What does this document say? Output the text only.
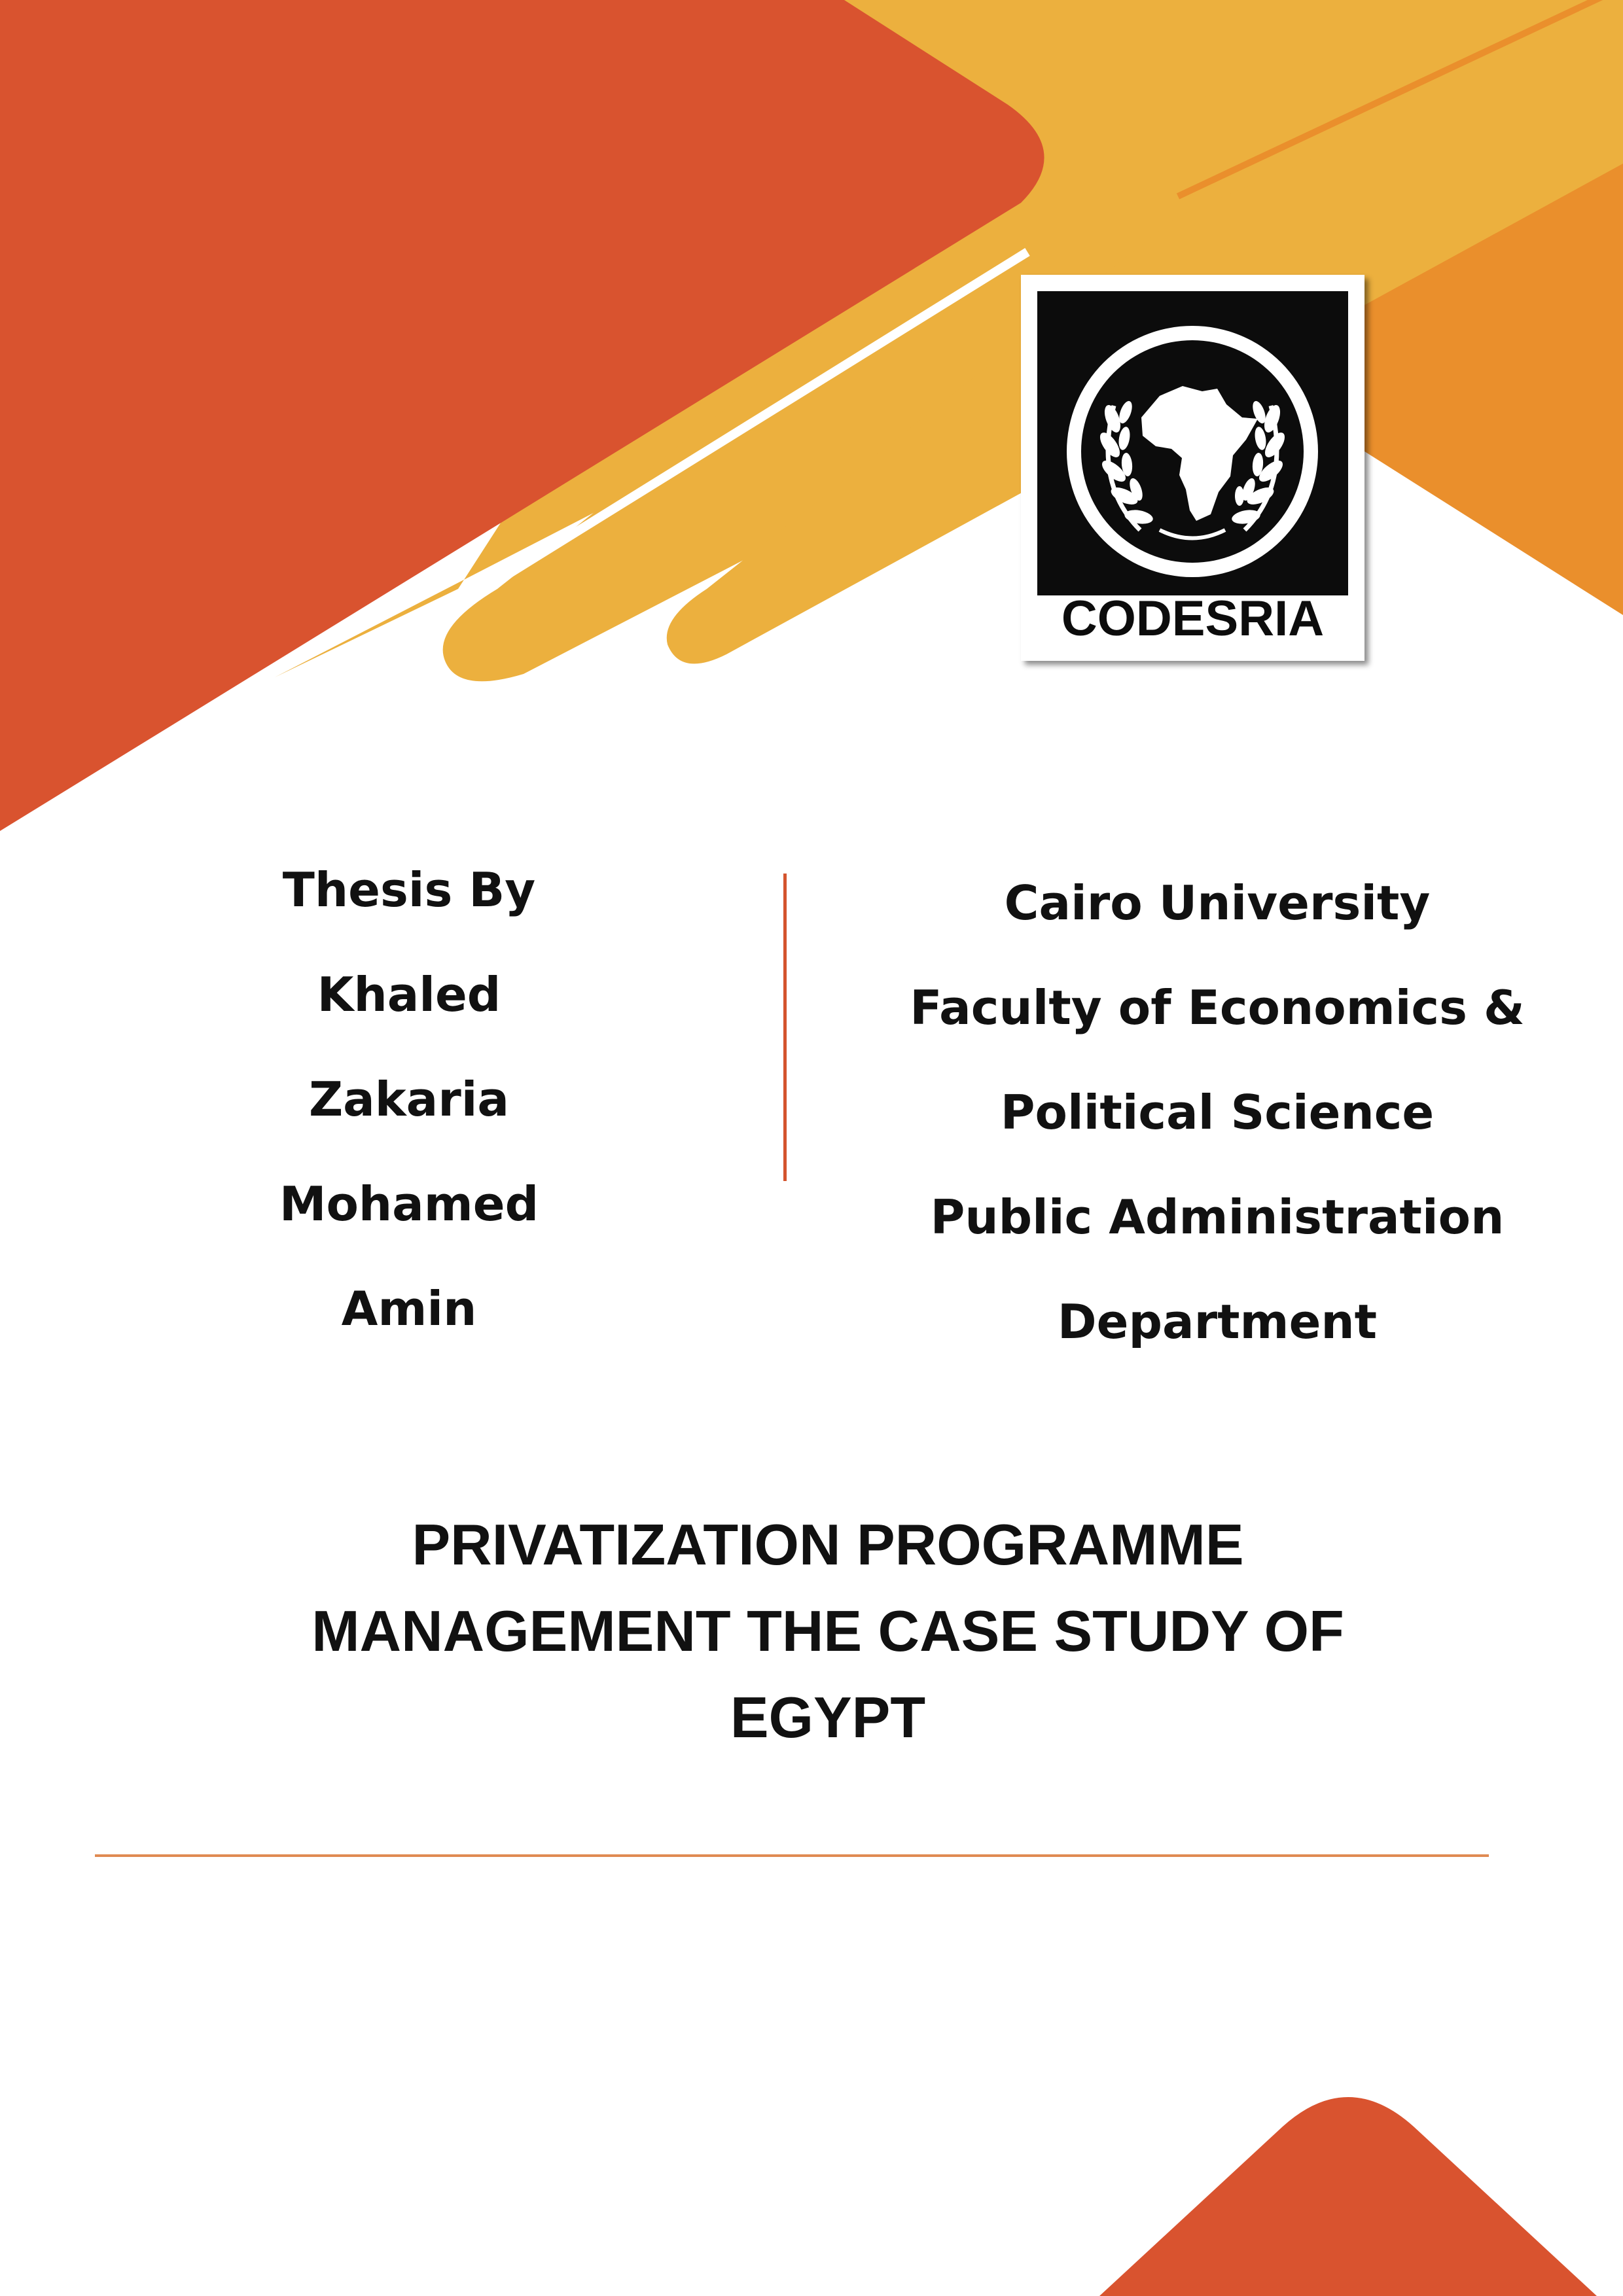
CODESRIA
Thesis By
Khaled
Zakaria
Mohamed
Amin
Cairo University
Faculty of Economics &
Political Science
Public Administration
Department
PRIVATIZATION PROGRAMME
MANAGEMENT THE CASE STUDY OF
EGYPT
